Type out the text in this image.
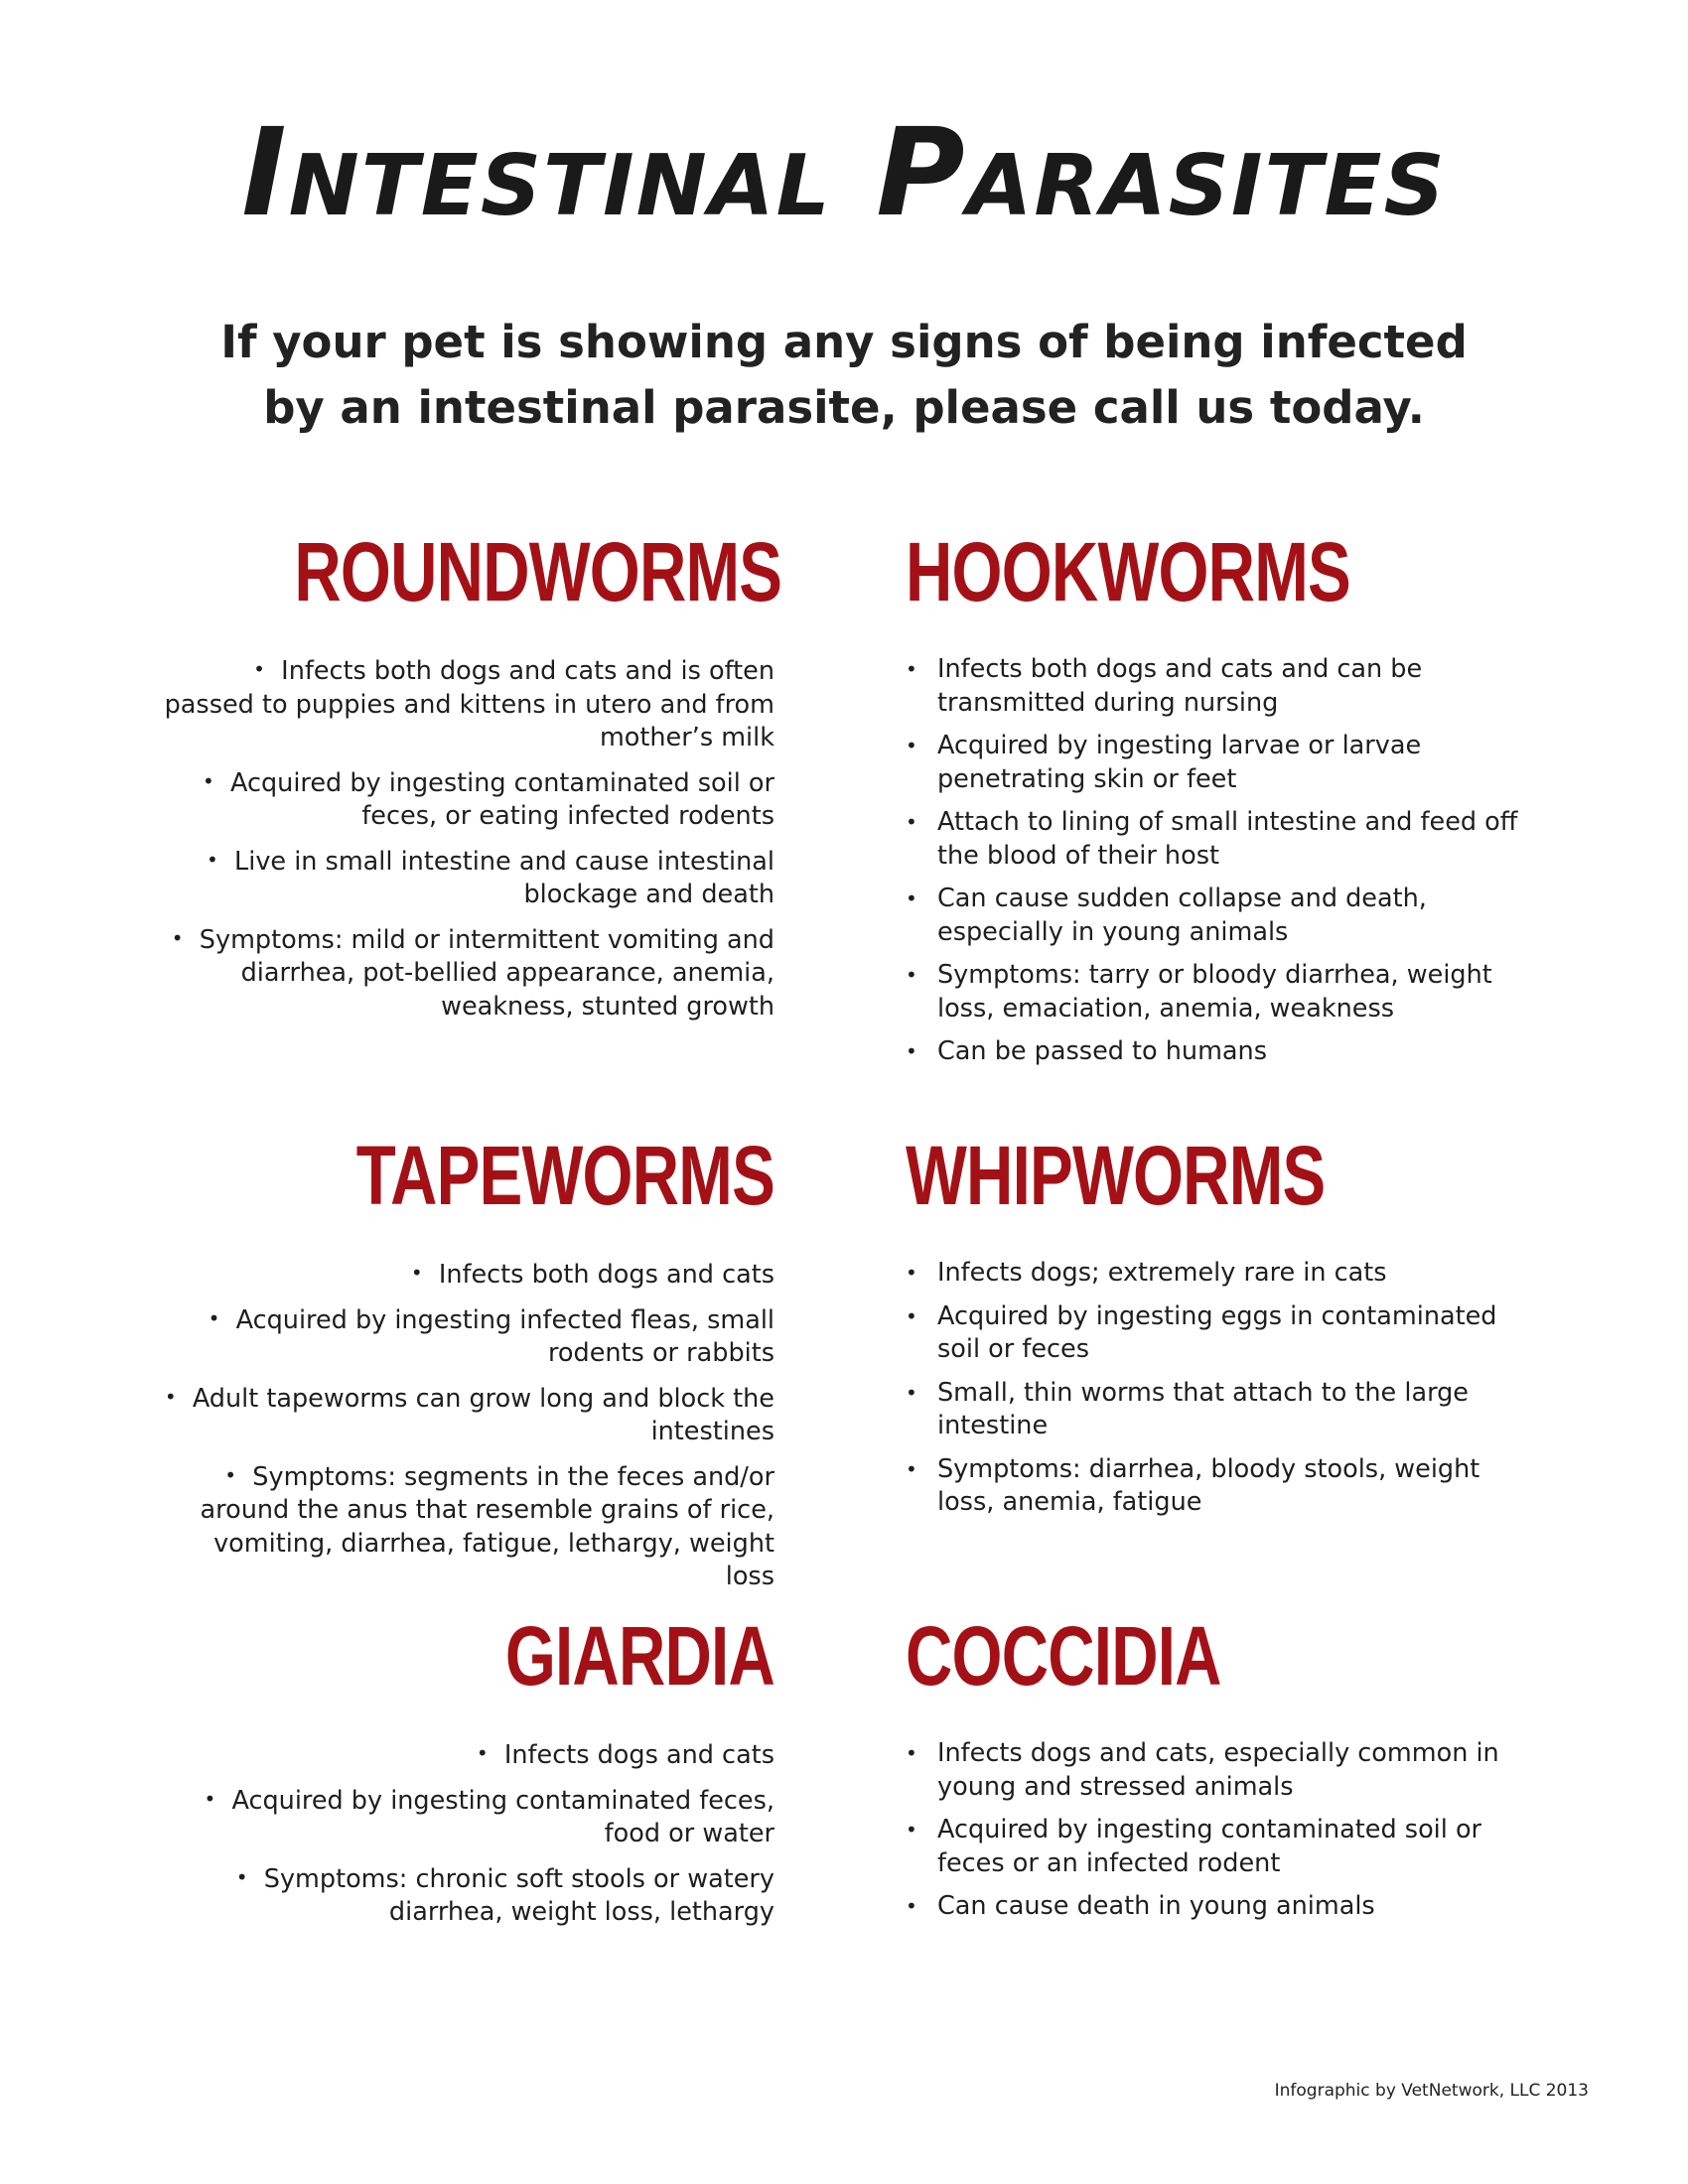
Intestinal Parasites
If your pet is showing any signs of being infected
by an intestinal parasite, please call us today.
ROUNDWORMS
• Infects both dogs and cats and is often passed to puppies and kittens in utero and from mother’s milk
• Acquired by ingesting contaminated soil or feces, or eating infected rodents
• Live in small intestine and cause intestinal blockage and death
• Symptoms: mild or intermittent vomiting and diarrhea, pot-bellied appearance, anemia, weakness, stunted growth
HOOKWORMS
• Infects both dogs and cats and can be transmitted during nursing
• Acquired by ingesting larvae or larvae penetrating skin or feet
• Attach to lining of small intestine and feed off the blood of their host
• Can cause sudden collapse and death, especially in young animals
• Symptoms: tarry or bloody diarrhea, weight loss, emaciation, anemia, weakness
• Can be passed to humans
TAPEWORMS
• Infects both dogs and cats
• Acquired by ingesting infected fleas, small rodents or rabbits
• Adult tapeworms can grow long and block the intestines
• Symptoms: segments in the feces and/or around the anus that resemble grains of rice, vomiting, diarrhea, fatigue, lethargy, weight loss
WHIPWORMS
• Infects dogs; extremely rare in cats
• Acquired by ingesting eggs in contaminated soil or feces
• Small, thin worms that attach to the large intestine
• Symptoms: diarrhea, bloody stools, weight loss, anemia, fatigue
GIARDIA
• Infects dogs and cats
• Acquired by ingesting contaminated feces, food or water
• Symptoms: chronic soft stools or watery diarrhea, weight loss, lethargy
COCCIDIA
• Infects dogs and cats, especially common in young and stressed animals
• Acquired by ingesting contaminated soil or feces or an infected rodent
• Can cause death in young animals
Infographic by VetNetwork, LLC 2013
